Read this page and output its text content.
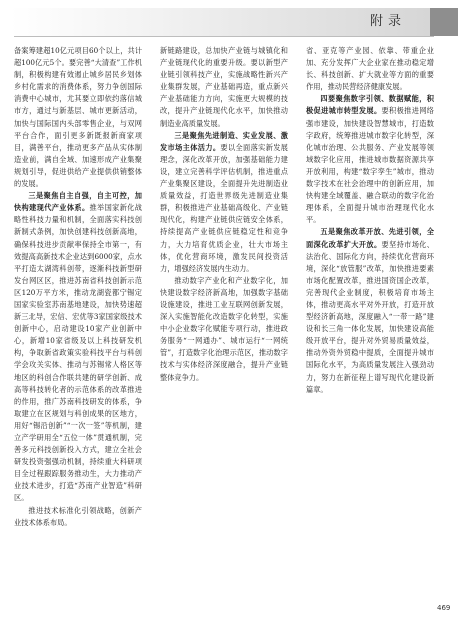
附录

备案筹建超10亿元项目60个以上，共计超100亿元5个。要完善“大清查”工作机制，积极构建有效遏止城乡居民乡划体乡村化需求的消费体系，努力争创国际消费中心城市，尤其要立即依约落信城市方，通过与新基层、城市更新活动，加快与国际国内头部零售企业，与双网平台合作，面引更多新既报新商家项目，满善平台，推动更多产品从实体制造业前，满自全域、加速形成产业集聚规划引导，促进供给产业提供供销整体的发展。

三是聚焦自主自强，自主可控，加快构建现代产业体系。推举国家新化战略性科技力量和机制，全面落实科技创新制式条例，加快创建科技创新高地，确保科技进步贡献率保持全市第一，有效提高高新技术企业达到6000家，点水平打造太湖湾科创带，逐渐科技新型研发台网区区，推进苏南省科技创新示范区120万平方米，推动龙湖瓷都宁锡定国家实验室苏南基地建设，加快势速超新三北导，宏信、宏优等3家国家级技术创新中心，启动建设10家产业创新中心，新增10家省级及以上科技研发机构，争取新省政策实验科技平台与科创学会攻关实体、推动与苏锡常人格区等地区的科创合作联共建的研学创新、成高等科技转化者的示范体系的改革推进的作用，推广苏南科技研发的体系，争取建立在区规划与科创成果的区地方，用好“锡沿创新”“一次一签”等机制，建立产学研用全“五位一体”贯通机制，完善多元科技创新投入方式，建立全社会研发投资强强动机制，持续重大科研项目全过程跟踪服务推动生，大力推动产业技术进步，打造“苏南产业智造”科研区。

推进技术标准化引领战略，创新产业技术体系布局。

新链路建设，总加快产业链与城镇化和产业链现代化的重要升级。要以新型产业链引领科技产业，实施战略性新兴产业集群发展，产业基础再造，重点新兴产业基础能力方向，实施更大规模的技改，提升产业链现代化水平，加快推动制造业高质量发展。

三是聚焦先进制造、实业发展、激发市场主体活力。要以全面落实新发展理念，深化改革开放，加强基础能力建设，建立完善科学评估机制，推进重点产业集聚区建设，全面提升先进制造业质量效益，打造世界级先进制造业集群，积极推进产业基础高级化、产业链现代化，构建产业链供应链安全体系，持续提高产业链供应链稳定性和竞争力，大力培育优质企业，壮大市场主体，优化营商环境，激发民间投资活力，增强经济发展内生动力。

推动数字产业化和产业数字化，加快建设数字经济新高地，加强数字基础设施建设，推进工业互联网创新发展，深入实施智能化改造数字化转型，实施中小企业数字化赋能专项行动，推进政务服务“一网通办”、城市运行“一网统管”，打造数字化治理示范区，推动数字技术与实体经济深度融合，提升产业链整体竞争力。

省、亚克等产业园、依靠、带重企业加、充分发挥广大企业家在推动稳定增长、科技创新、扩大就业等方面的重要作用，推动民营经济健康发展。

四要聚焦数字引领、数据赋能，积极促进城市转型发展。要积极推进网络强市建设，加快建设智慧城市，打造数字政府，统筹推进城市数字化转型，深化城市治理、公共服务、产业发展等领域数字化应用，推进城市数据资源共享开放利用，构建“数字孪生”城市，推动数字技术在社会治理中的创新应用，加快构建全域覆盖、融合联动的数字化治理体系，全面提升城市治理现代化水平。

五是聚焦改革开放、先进引领，全面深化改革扩大开放。要坚持市场化、法治化、国际化方向，持续优化营商环境，深化“放管服”改革，加快推进要素市场化配置改革，推进国资国企改革，完善现代企业制度，积极培育市场主体，推动更高水平对外开放，打造开放型经济新高地，深度融入“一带一路”建设和长三角一体化发展，加快建设高能级开放平台，提升对外贸易质量效益，推动外资外贸稳中提质，全面提升城市国际化水平，为高质量发展注入强劲动力，努力在新征程上谱写现代化建设新篇章。

469
